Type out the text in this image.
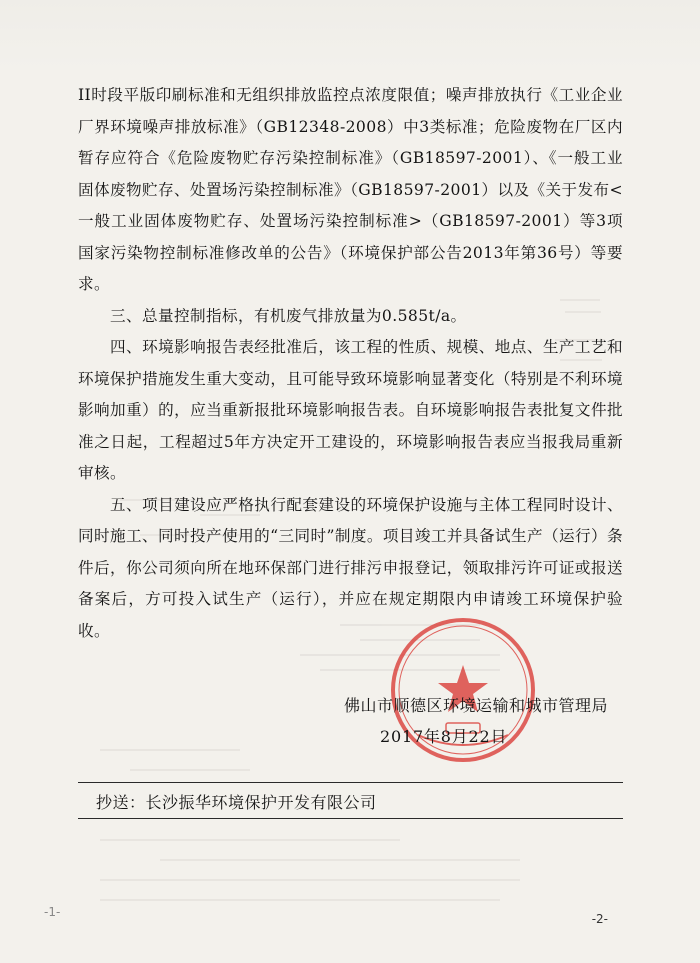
II时段平版印刷标准和无组织排放监控点浓度限值；噪声排放执行《工业企业厂界环境噪声排放标准》（GB12348-2008）中3类标准；危险废物在厂区内暂存应符合《危险废物贮存污染控制标准》（GB18597-2001）、《一般工业固体废物贮存、处置场污染控制标准》（GB18597-2001）以及《关于发布<一般工业固体废物贮存、处置场污染控制标准>（GB18597-2001）等3项国家污染物控制标准修改单的公告》（环境保护部公告2013年第36号）等要求。

三、总量控制指标，有机废气排放量为0.585t/a。

四、环境影响报告表经批准后，该工程的性质、规模、地点、生产工艺和环境保护措施发生重大变动，且可能导致环境影响显著变化（特别是不利环境影响加重）的，应当重新报批环境影响报告表。自环境影响报告表批复文件批准之日起，工程超过5年方决定开工建设的，环境影响报告表应当报我局重新审核。

五、项目建设应严格执行配套建设的环境保护设施与主体工程同时设计、同时施工、同时投产使用的“三同时”制度。项目竣工并具备试生产（运行）条件后，你公司须向所在地环保部门进行排污申报登记，领取排污许可证或报送备案后，方可投入试生产（运行），并应在规定期限内申请竣工环境保护验收。

佛山市顺德区环境运输和城市管理局

2017年8月22日
抄送：长沙振华环境保护开发有限公司
-1-	-2-
